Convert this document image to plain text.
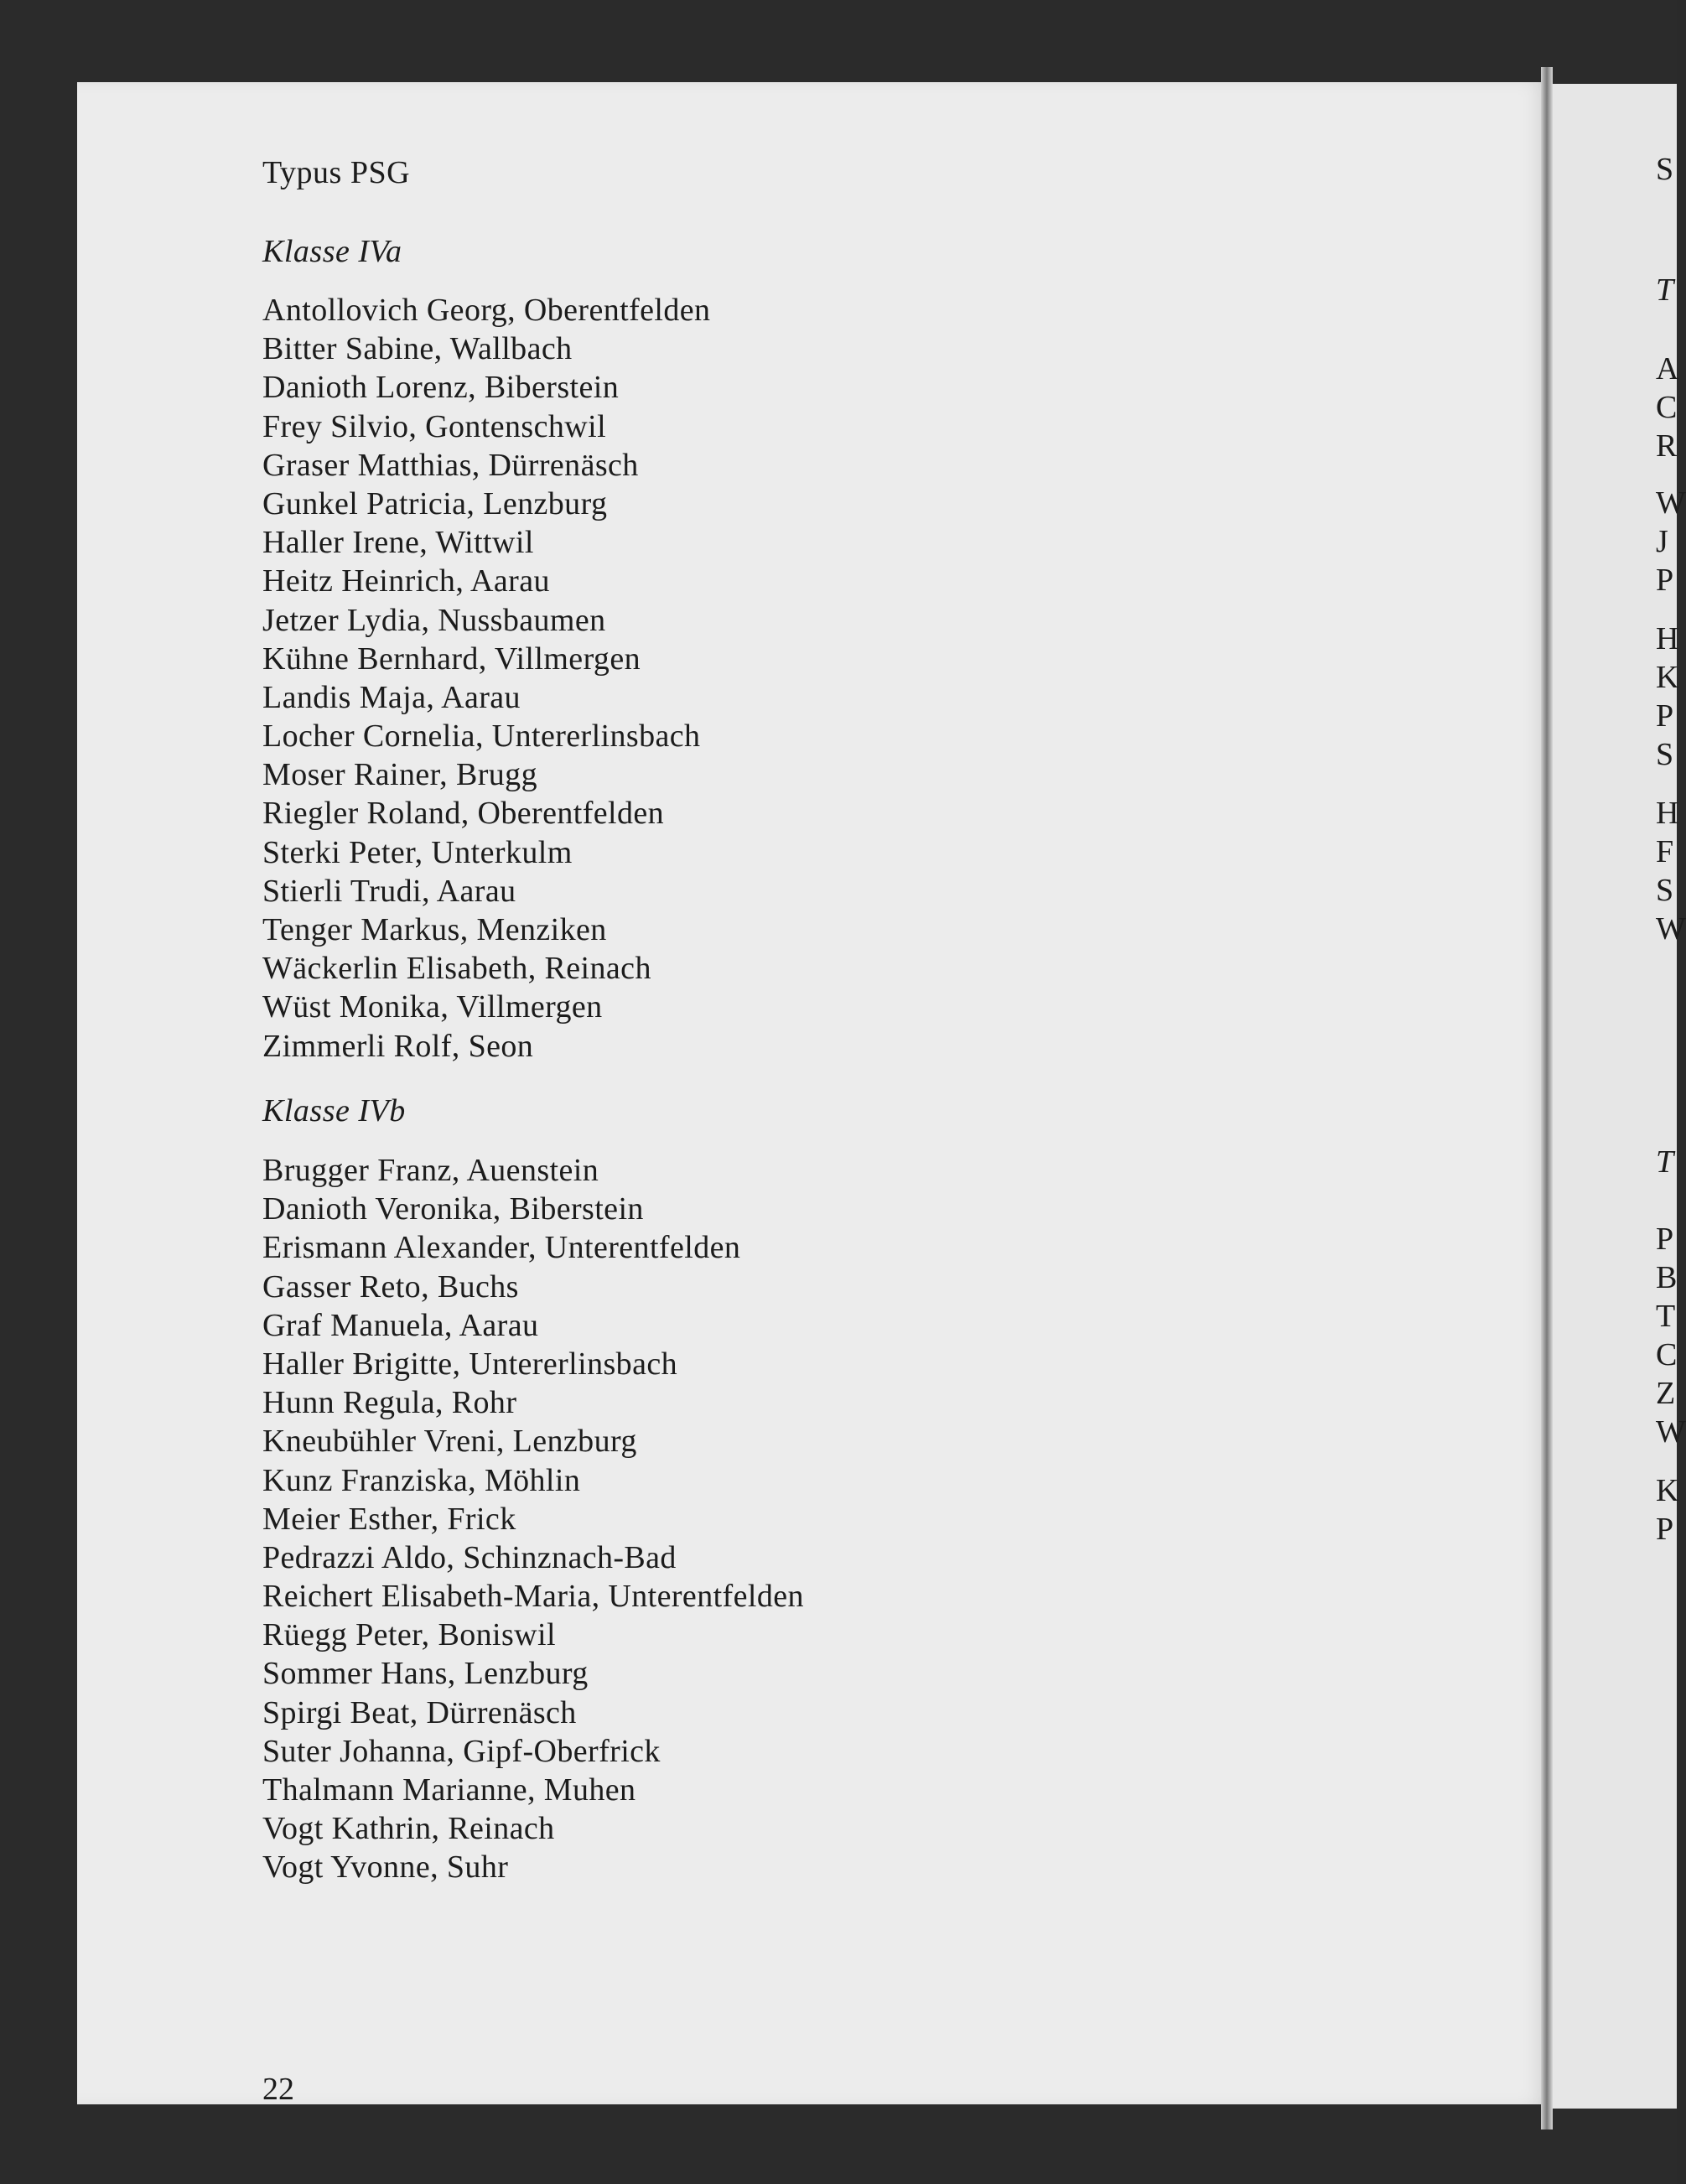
Typus PSG
Klasse IVa
Antollovich Georg, Oberentfelden
Bitter Sabine, Wallbach
Danioth Lorenz, Biberstein
Frey Silvio, Gontenschwil
Graser Matthias, Dürrenäsch
Gunkel Patricia, Lenzburg
Haller Irene, Wittwil
Heitz Heinrich, Aarau
Jetzer Lydia, Nussbaumen
Kühne Bernhard, Villmergen
Landis Maja, Aarau
Locher Cornelia, Untererlinsbach
Moser Rainer, Brugg
Riegler Roland, Oberentfelden
Sterki Peter, Unterkulm
Stierli Trudi, Aarau
Tenger Markus, Menziken
Wäckerlin Elisabeth, Reinach
Wüst Monika, Villmergen
Zimmerli Rolf, Seon
Klasse IVb
Brugger Franz, Auenstein
Danioth Veronika, Biberstein
Erismann Alexander, Unterentfelden
Gasser Reto, Buchs
Graf Manuela, Aarau
Haller Brigitte, Untererlinsbach
Hunn Regula, Rohr
Kneubühler Vreni, Lenzburg
Kunz Franziska, Möhlin
Meier Esther, Frick
Pedrazzi Aldo, Schinznach-Bad
Reichert Elisabeth-Maria, Unterentfelden
Rüegg Peter, Boniswil
Sommer Hans, Lenzburg
Spirgi Beat, Dürrenäsch
Suter Johanna, Gipf-Oberfrick
Thalmann Marianne, Muhen
Vogt Kathrin, Reinach
Vogt Yvonne, Suhr
22
S
T
A
C
R
W
J
P
H
K
P
S
H
F
S
W
T
P
B
T
C
Z
W
K
P
